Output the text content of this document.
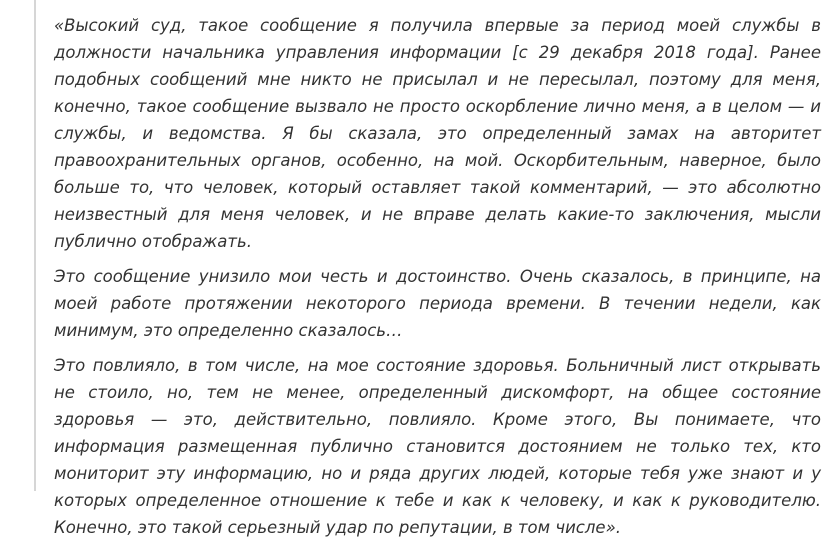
«Высокий суд, такое сообщение я получила впервые за период моей службы в должности начальника управления информации [с 29 декабря 2018 года]. Ранее подобных сообщений мне никто не присылал и не пересылал, поэтому для меня, конечно, такое сообщение вызвало не просто оскорбление лично меня, а в целом — и службы, и ведомства. Я бы сказала, это определенный замах на авторитет правоохранительных органов, особенно, на мой. Оскорбительным, наверное, было больше то, что человек, который оставляет такой комментарий, — это абсолютно неизвестный для меня человек, и не вправе делать какие-то заключения, мысли публично отображать.

Это сообщение унизило мои честь и достоинство. Очень сказалось, в принципе, на моей работе протяжении некоторого периода времени. В течении недели, как минимум, это определенно сказалось…

Это повлияло, в том числе, на мое состояние здоровья. Больничный лист открывать не стоило, но, тем не менее, определенный дискомфорт, на общее состояние здоровья — это, действительно, повлияло. Кроме этого, Вы понимаете, что информация размещенная публично становится достоянием не только тех, кто мониторит эту информацию, но и ряда других людей, которые тебя уже знают и у которых определенное отношение к тебе и как к человеку, и как к руководителю. Конечно, это такой серьезный удар по репутации, в том числе».
